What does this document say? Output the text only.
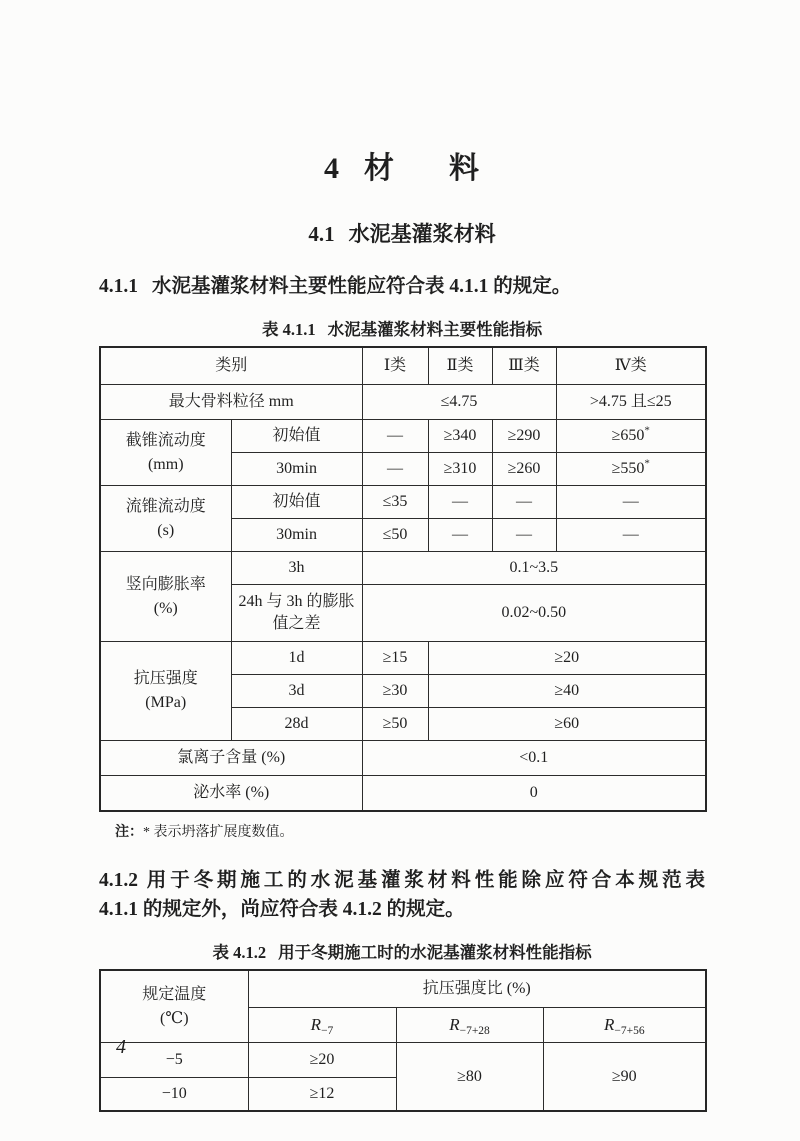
4 材 料
4.1 水泥基灌浆材料
4.1.1 水泥基灌浆材料主要性能应符合表 4.1.1 的规定。
表 4.1.1 水泥基灌浆材料主要性能指标
类别		Ⅰ类	Ⅱ类	Ⅲ类	Ⅳ类
最大骨料粒径 mm		≤4.75			>4.75 且≤25

截锥流动度
(mm)	初始值	—	≥340	≥290	≥650*
	30min	—	≥310	≥260	≥550*

流锥流动度
(s)	初始值	≤35	—	—	—
	30min	≤50	—	—	—

竖向膨胀率
(%)	3h	0.1~3.5			
	24h 与 3h 的膨胀值之差	0.02~0.50			

抗压强度
(MPa)	1d	≥15	≥20		
	3d	≥30	≥40		
	28d	≥50	≥60		
氯离子含量 (%)		<0.1			
泌水率 (%)		0			
注：* 表示坍落扩展度数值。
4.1.2 用于冬期施工的水泥基灌浆材料性能除应符合本规范表
4.1.1 的规定外，尚应符合表 4.1.2 的规定。
表 4.1.2 用于冬期施工时的水泥基灌浆材料性能指标
规定温度
(℃)	抗压强度比 (%)		
	$R_{-7}$	$R_{-7+28}$	$R_{-7+56}$
−5	≥20	≥80	≥90
−10	≥12		
4
